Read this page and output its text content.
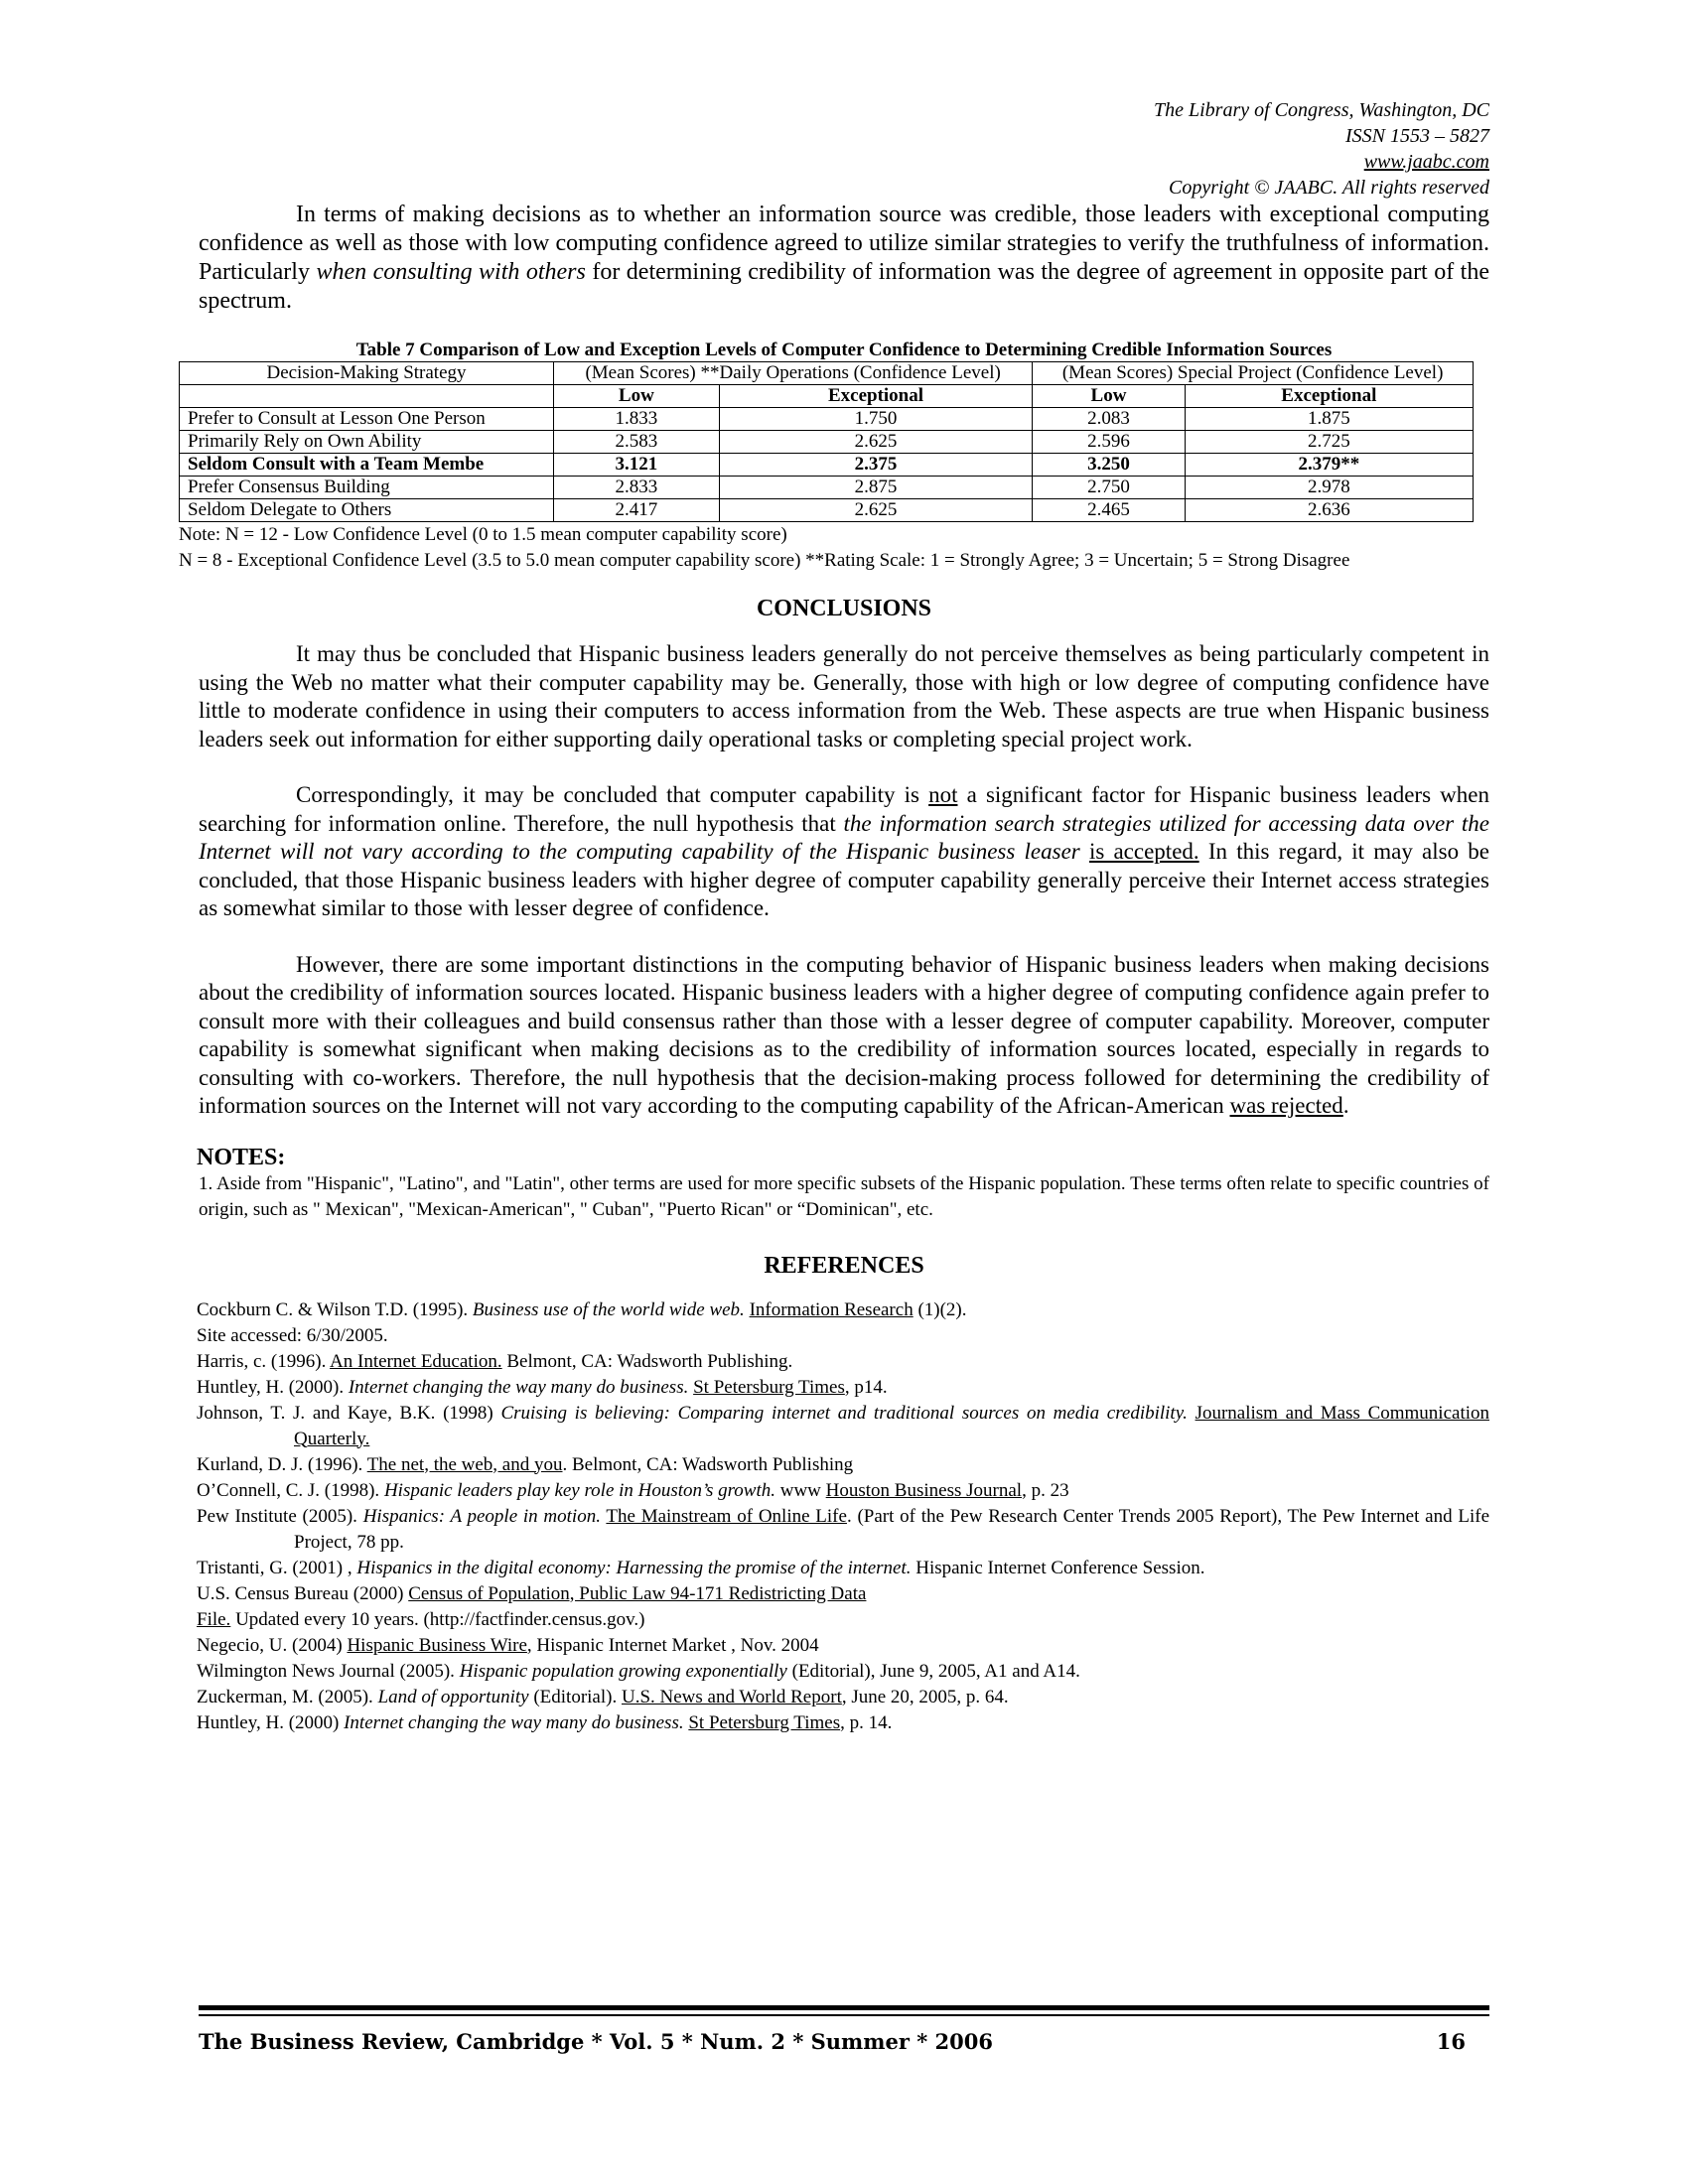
The Library of Congress, Washington, DC
ISSN 1553 – 5827
www.jaabc.com
Copyright © JAABC. All rights reserved

In terms of making decisions as to whether an information source was credible, those leaders with exceptional computing confidence as well as those with low computing confidence agreed to utilize similar strategies to verify the truthfulness of information. Particularly when consulting with others for determining credibility of information was the degree of agreement in opposite part of the spectrum.

Table 7 Comparison of Low and Exception Levels of Computer Confidence to Determining Credible Information Sources
Decision-Making Strategy	(Mean Scores) **Daily Operations (Confidence Level)		(Mean Scores) Special Project (Confidence Level)	

	Low	Exceptional	Low	Exceptional
Prefer to Consult at Lesson One Person	1.833	1.750	2.083	1.875
Primarily Rely on Own Ability	2.583	2.625	2.596	2.725
Seldom Consult with a Team Membe	3.121	2.375	3.250	2.379**
Prefer Consensus Building	2.833	2.875	2.750	2.978
Seldom Delegate to Others	2.417	2.625	2.465	2.636
Note: N = 12 - Low Confidence Level (0 to 1.5 mean computer capability score)
N = 8 - Exceptional Confidence Level (3.5 to 5.0 mean computer capability score) **Rating Scale: 1 = Strongly Agree; 3 = Uncertain; 5 = Strong Disagree
CONCLUSIONS

It may thus be concluded that Hispanic business leaders generally do not perceive themselves as being particularly competent in using the Web no matter what their computer capability may be. Generally, those with high or low degree of computing confidence have little to moderate confidence in using their computers to access information from the Web. These aspects are true when Hispanic business leaders seek out information for either supporting daily operational tasks or completing special project work.

Correspondingly, it may be concluded that computer capability is not a significant factor for Hispanic business leaders when searching for information online. Therefore, the null hypothesis that the information search strategies utilized for accessing data over the Internet will not vary according to the computing capability of the Hispanic business leaser is accepted. In this regard, it may also be concluded, that those Hispanic business leaders with higher degree of computer capability generally perceive their Internet access strategies as somewhat similar to those with lesser degree of confidence.

However, there are some important distinctions in the computing behavior of Hispanic business leaders when making decisions about the credibility of information sources located. Hispanic business leaders with a higher degree of computing confidence again prefer to consult more with their colleagues and build consensus rather than those with a lesser degree of computer capability. Moreover, computer capability is somewhat significant when making decisions as to the credibility of information sources located, especially in regards to consulting with co-workers. Therefore, the null hypothesis that the decision-making process followed for determining the credibility of information sources on the Internet will not vary according to the computing capability of the African-American was rejected.

NOTES:

1. Aside from "Hispanic", "Latino", and "Latin", other terms are used for more specific subsets of the Hispanic population. These terms often relate to specific countries of origin, such as " Mexican", "Mexican-American", " Cuban", "Puerto Rican" or “Dominican", etc.

REFERENCES
Cockburn C. & Wilson T.D. (1995). Business use of the world wide web. Information Research (1)(2).
Site accessed: 6/30/2005.
Harris, c. (1996). An Internet Education. Belmont, CA: Wadsworth Publishing.
Huntley, H. (2000). Internet changing the way many do business. St Petersburg Times, p14.
Johnson, T. J. and Kaye, B.K. (1998) Cruising is believing: Comparing internet and traditional sources on media credibility. Journalism and Mass Communication Quarterly.
Kurland, D. J. (1996). The net, the web, and you. Belmont, CA: Wadsworth Publishing
O’Connell, C. J. (1998). Hispanic leaders play key role in Houston’s growth. www Houston Business Journal, p. 23
Pew Institute (2005). Hispanics: A people in motion. The Mainstream of Online Life. (Part of the Pew Research Center Trends 2005 Report), The Pew Internet and Life Project, 78 pp.
Tristanti, G. (2001) , Hispanics in the digital economy: Harnessing the promise of the internet. Hispanic Internet Conference Session.
U.S. Census Bureau (2000) Census of Population, Public Law 94-171 Redistricting Data
File. Updated every 10 years. (http://factfinder.census.gov.)
Negecio, U. (2004) Hispanic Business Wire, Hispanic Internet Market , Nov. 2004
Wilmington News Journal (2005). Hispanic population growing exponentially (Editorial), June 9, 2005, A1 and A14.
Zuckerman, M. (2005). Land of opportunity (Editorial). U.S. News and World Report, June 20, 2005, p. 64.
Huntley, H. (2000) Internet changing the way many do business. St Petersburg Times, p. 14.
The Business Review, Cambridge * Vol. 5 * Num. 2 * Summer * 2006	16
